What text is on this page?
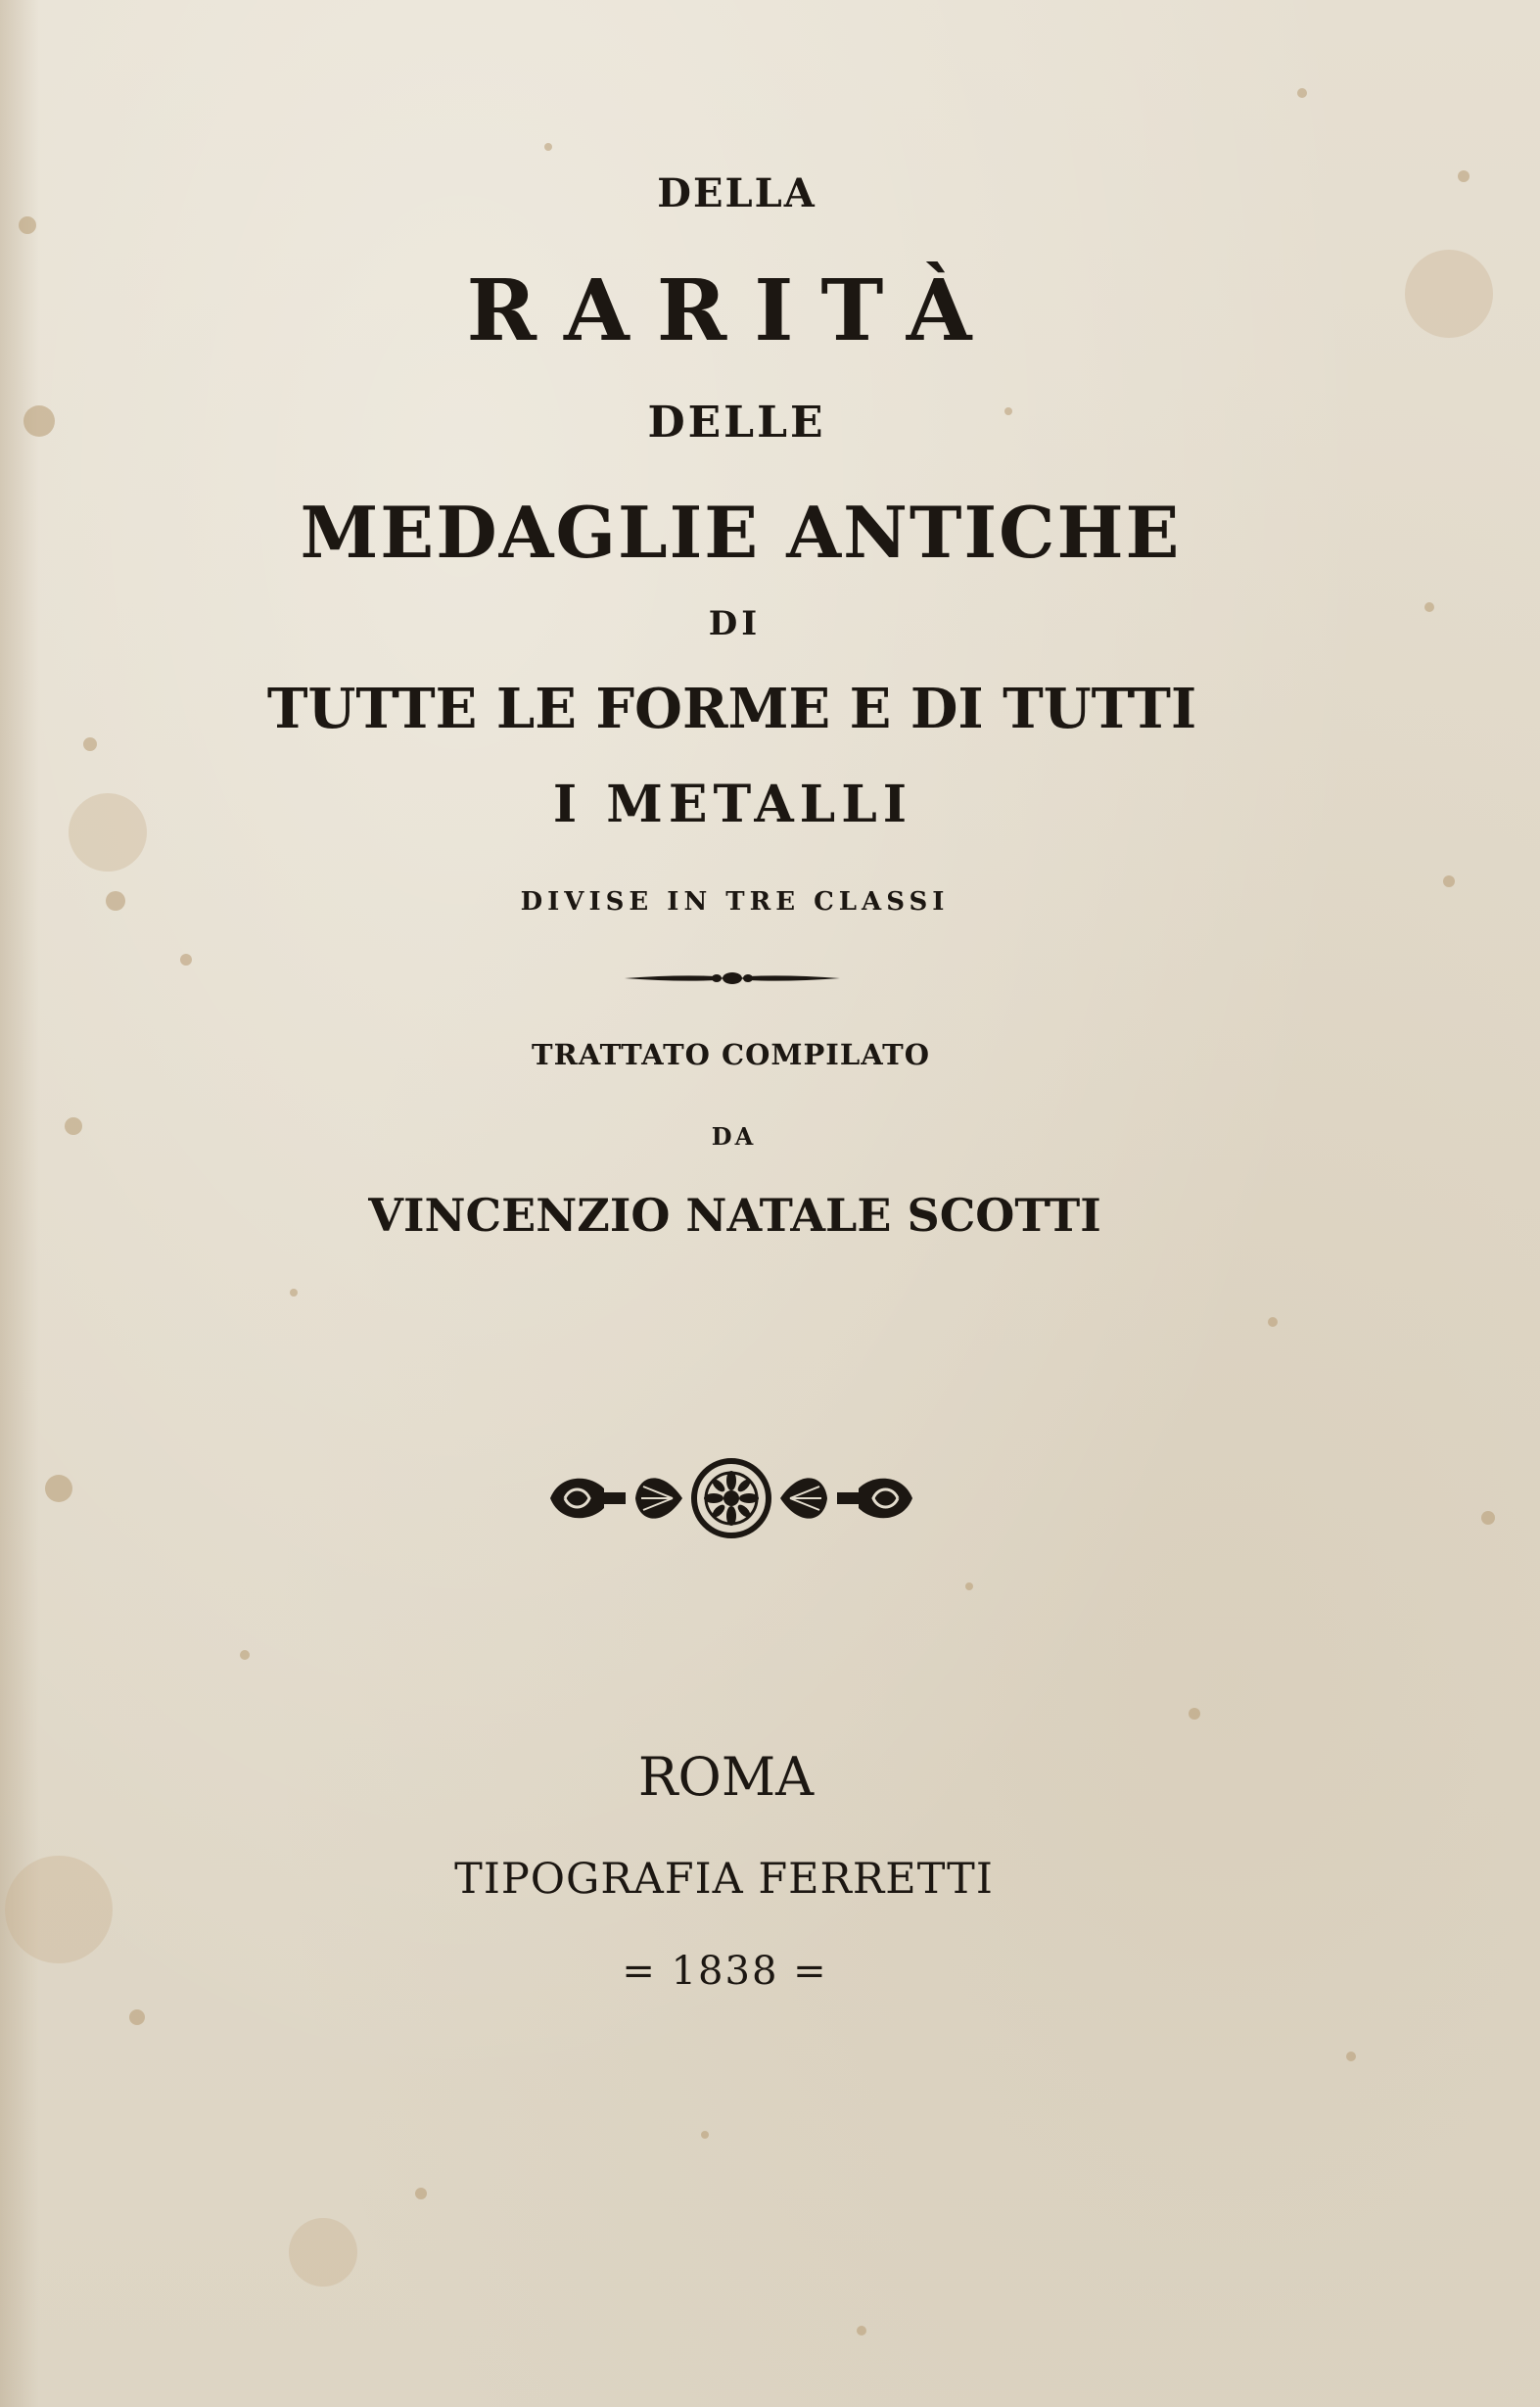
DELLA
RARITÀ
DELLE
MEDAGLIE ANTICHE
DI
TUTTE LE FORME E DI TUTTI
I METALLI
DIVISE IN TRE CLASSI
TRATTATO COMPILATO
DA
VINCENZIO NATALE SCOTTI
ROMA
TIPOGRAFIA FERRETTI
= 1838 =
